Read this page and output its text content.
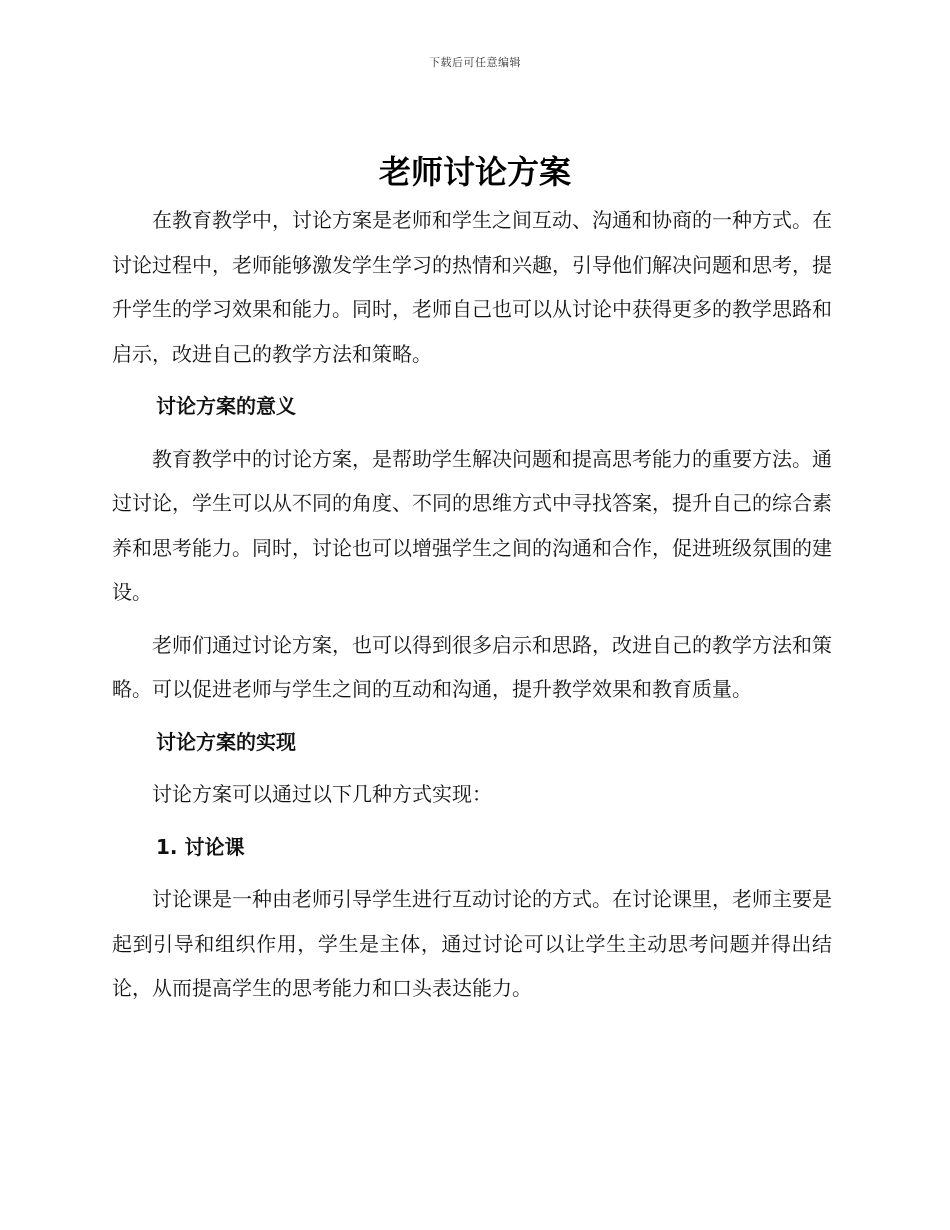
下载后可任意编辑
老师讨论方案

在教育教学中，讨论方案是老师和学生之间互动、沟通和协商的一种方式。在讨论过程中，老师能够激发学生学习的热情和兴趣，引导他们解决问题和思考，提升学生的学习效果和能力。同时，老师自己也可以从讨论中获得更多的教学思路和启示，改进自己的教学方法和策略。

讨论方案的意义

教育教学中的讨论方案，是帮助学生解决问题和提高思考能力的重要方法。通过讨论，学生可以从不同的角度、不同的思维方式中寻找答案，提升自己的综合素养和思考能力。同时，讨论也可以增强学生之间的沟通和合作，促进班级氛围的建设。

老师们通过讨论方案，也可以得到很多启示和思路，改进自己的教学方法和策略。可以促进老师与学生之间的互动和沟通，提升教学效果和教育质量。

讨论方案的实现

讨论方案可以通过以下几种方式实现：

1. 讨论课

讨论课是一种由老师引导学生进行互动讨论的方式。在讨论课里，老师主要是起到引导和组织作用，学生是主体，通过讨论可以让学生主动思考问题并得出结论，从而提高学生的思考能力和口头表达能力。
